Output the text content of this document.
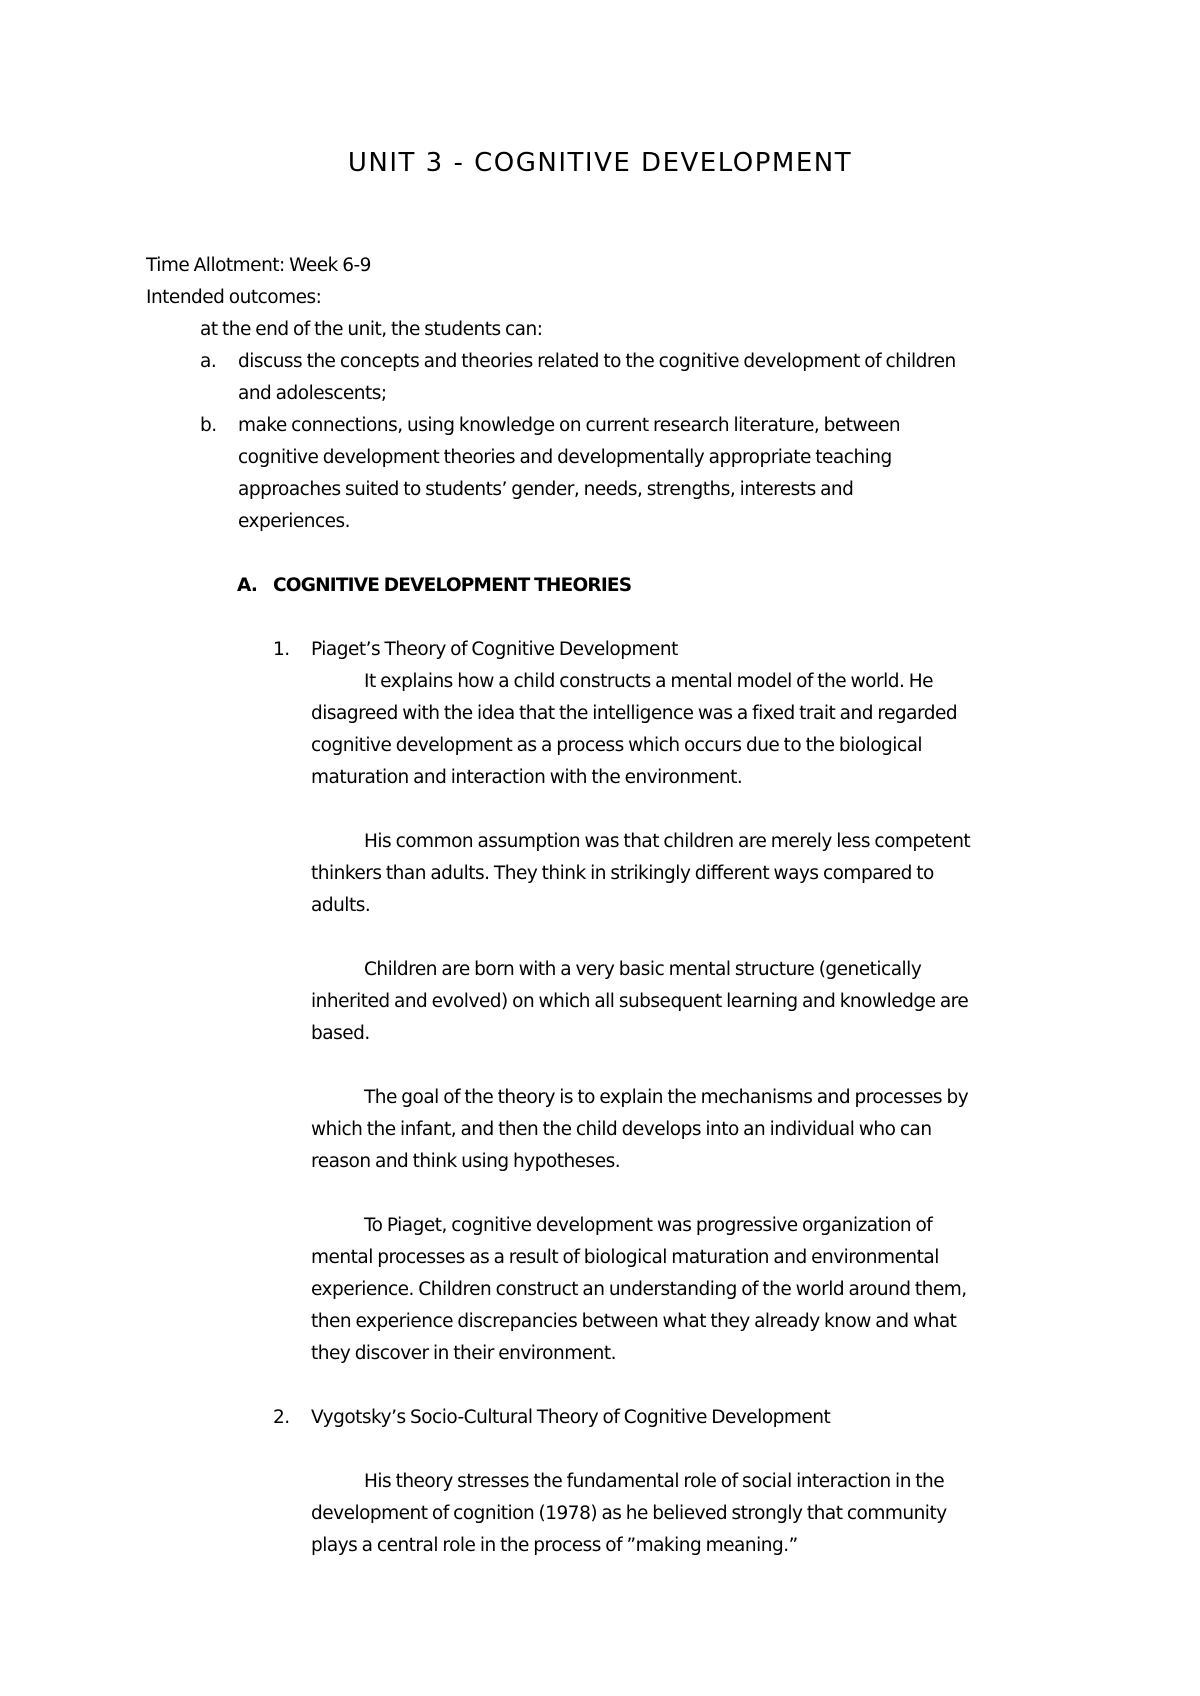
UNIT 3 - COGNITIVE DEVELOPMENT
Time Allotment: Week 6-9
Intended outcomes:
at the end of the unit, the students can:
a. discuss the concepts and theories related to the cognitive development of children
and adolescents;
b. make connections, using knowledge on current research literature, between
cognitive development theories and developmentally appropriate teaching
approaches suited to students’ gender, needs, strengths, interests and
experiences.
A. COGNITIVE DEVELOPMENT THEORIES
1. Piaget’s Theory of Cognitive Development
It explains how a child constructs a mental model of the world. He
disagreed with the idea that the intelligence was a fixed trait and regarded
cognitive development as a process which occurs due to the biological
maturation and interaction with the environment.
His common assumption was that children are merely less competent
thinkers than adults. They think in strikingly different ways compared to
adults.
Children are born with a very basic mental structure (genetically
inherited and evolved) on which all subsequent learning and knowledge are
based.
The goal of the theory is to explain the mechanisms and processes by
which the infant, and then the child develops into an individual who can
reason and think using hypotheses.
To Piaget, cognitive development was progressive organization of
mental processes as a result of biological maturation and environmental
experience. Children construct an understanding of the world around them,
then experience discrepancies between what they already know and what
they discover in their environment.
2. Vygotsky’s Socio-Cultural Theory of Cognitive Development
His theory stresses the fundamental role of social interaction in the
development of cognition (1978) as he believed strongly that community
plays a central role in the process of ”making meaning.”
